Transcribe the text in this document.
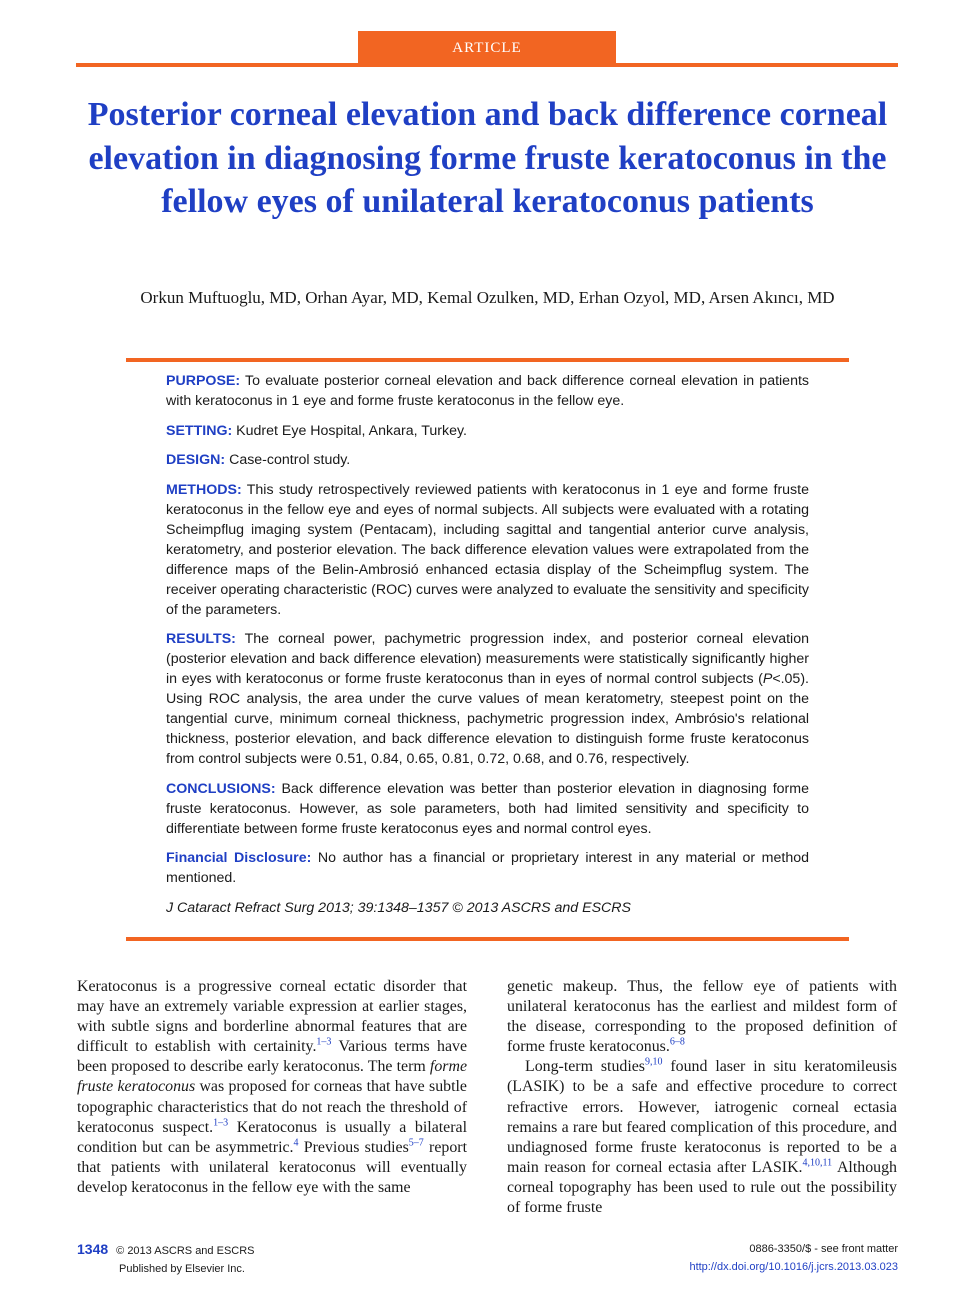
ARTICLE
Posterior corneal elevation and back difference corneal elevation in diagnosing forme fruste keratoconus in the fellow eyes of unilateral keratoconus patients

Orkun Muftuoglu, MD, Orhan Ayar, MD, Kemal Ozulken, MD, Erhan Ozyol, MD, Arsen Akıncı, MD

PURPOSE: To evaluate posterior corneal elevation and back difference corneal elevation in patients with keratoconus in 1 eye and forme fruste keratoconus in the fellow eye.

SETTING: Kudret Eye Hospital, Ankara, Turkey.

DESIGN: Case-control study.

METHODS: This study retrospectively reviewed patients with keratoconus in 1 eye and forme fruste keratoconus in the fellow eye and eyes of normal subjects. All subjects were evaluated with a rotating Scheimpflug imaging system (Pentacam), including sagittal and tangential anterior curve analysis, keratometry, and posterior elevation. The back difference elevation values were extrapolated from the difference maps of the Belin-Ambrosió enhanced ectasia display of the Scheimpflug system. The receiver operating characteristic (ROC) curves were analyzed to evaluate the sensitivity and specificity of the parameters.

RESULTS: The corneal power, pachymetric progression index, and posterior corneal elevation (posterior elevation and back difference elevation) measurements were statistically significantly higher in eyes with keratoconus or forme fruste keratoconus than in eyes of normal control subjects (P<.05). Using ROC analysis, the area under the curve values of mean keratometry, steepest point on the tangential curve, minimum corneal thickness, pachymetric progression index, Ambrósio's relational thickness, posterior elevation, and back difference elevation to distinguish forme fruste keratoconus from control subjects were 0.51, 0.84, 0.65, 0.81, 0.72, 0.68, and 0.76, respectively.

CONCLUSIONS: Back difference elevation was better than posterior elevation in diagnosing forme fruste keratoconus. However, as sole parameters, both had limited sensitivity and specificity to differentiate between forme fruste keratoconus eyes and normal control eyes.

Financial Disclosure: No author has a financial or proprietary interest in any material or method mentioned.

J Cataract Refract Surg 2013; 39:1348–1357 © 2013 ASCRS and ESCRS

Keratoconus is a progressive corneal ectatic disorder that may have an extremely variable expression at earlier stages, with subtle signs and borderline abnormal features that are difficult to establish with certainity.$^{1-3}$ Various terms have been proposed to describe early keratoconus. The term forme fruste keratoconus was proposed for corneas that have subtle topographic characteristics that do not reach the threshold of keratoconus suspect.$^{1-3}$ Keratoconus is usually a bilateral condition but can be asymmetric.$^4$ Previous studies$^{5-7}$ report that patients with unilateral keratoconus will eventually develop keratoconus in the fellow eye with the same

genetic makeup. Thus, the fellow eye of patients with unilateral keratoconus has the earliest and mildest form of the disease, corresponding to the proposed definition of forme fruste keratoconus.$^{6-8}$

Long-term studies$^{9,10}$ found laser in situ keratomileusis (LASIK) to be a safe and effective procedure to correct refractive errors. However, iatrogenic corneal ectasia remains a rare but feared complication of this procedure, and undiagnosed forme fruste keratoconus is reported to be a main reason for corneal ectasia after LASIK.$^{4,10,11}$ Although corneal topography has been used to rule out the possibility of forme fruste

1348 © 2013 ASCRS and ESCRS
Published by Elsevier Inc.
0886-3350/$ - see front matter
http://dx.doi.org/10.1016/j.jcrs.2013.03.023
